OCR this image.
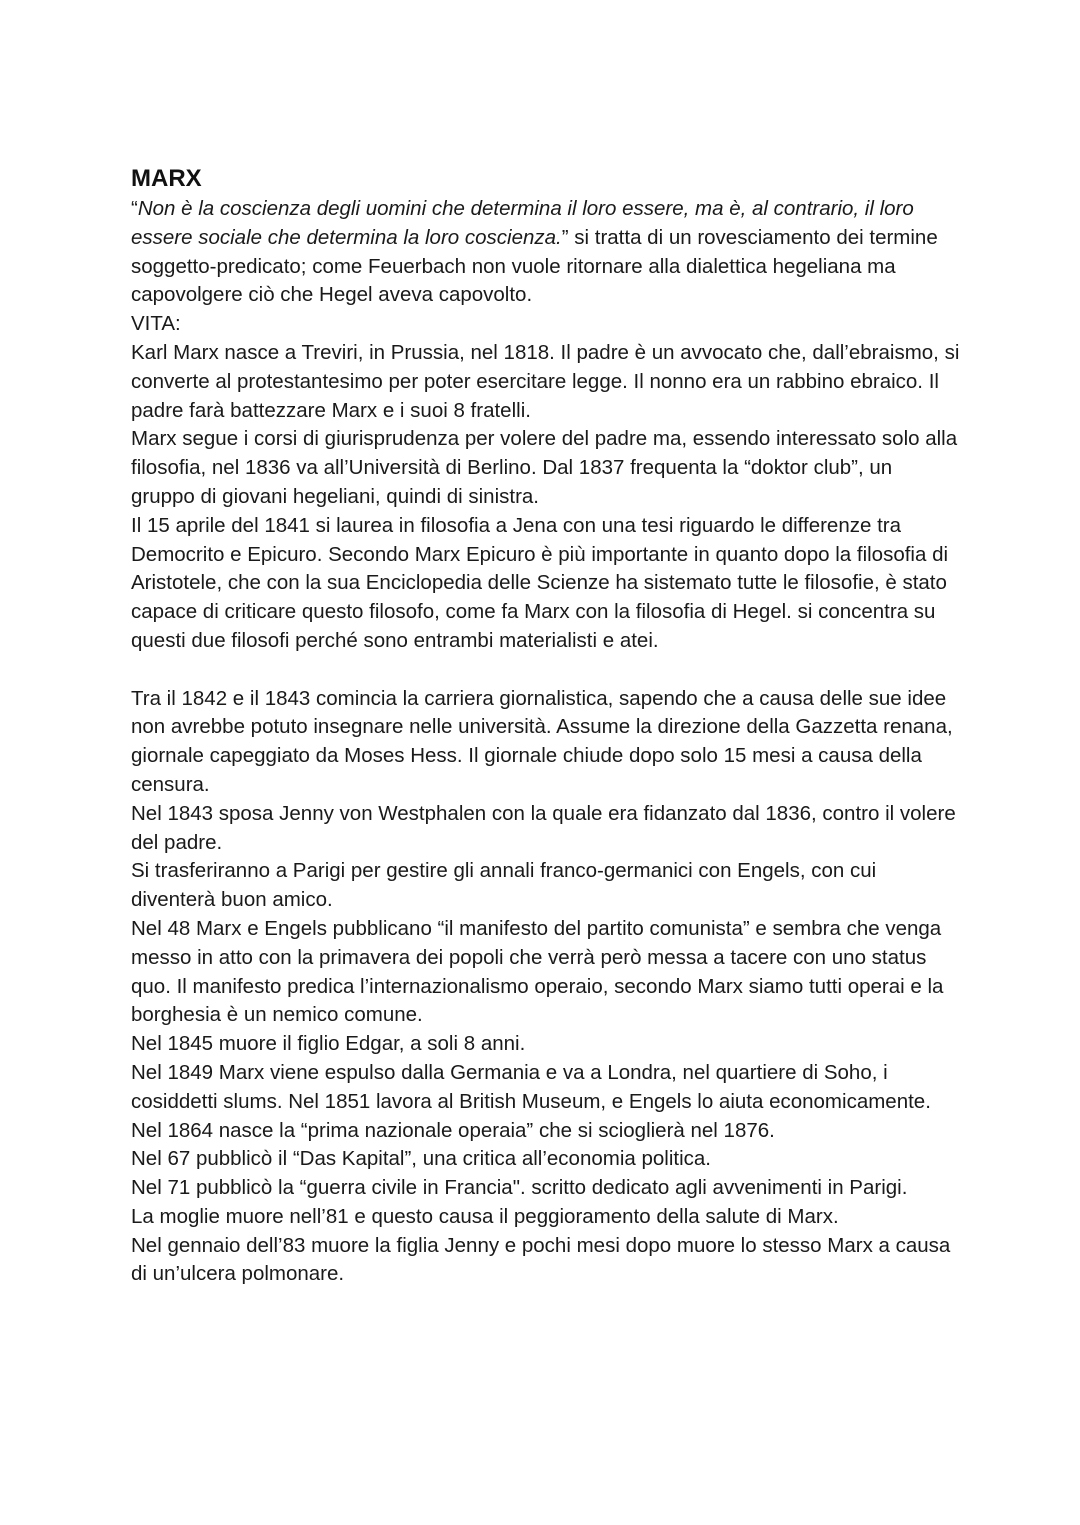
MARX

“Non è la coscienza degli uomini che determina il loro essere, ma è, al contrario, il loro essere sociale che determina la loro coscienza.” si tratta di un rovesciamento dei termine soggetto-predicato; come Feuerbach non vuole ritornare alla dialettica hegeliana ma capovolgere ciò che Hegel aveva capovolto.

VITA:

Karl Marx nasce a Treviri, in Prussia, nel 1818. Il padre è un avvocato che, dall’ebraismo, si converte al protestantesimo per poter esercitare legge. Il nonno era un rabbino ebraico. Il padre farà battezzare Marx e i suoi 8 fratelli.

Marx segue i corsi di giurisprudenza per volere del padre ma, essendo interessato solo alla filosofia, nel 1836 va all’Università di Berlino. Dal 1837 frequenta la “doktor club”, un gruppo di giovani hegeliani, quindi di sinistra.

Il 15 aprile del 1841 si laurea in filosofia a Jena con una tesi riguardo le differenze tra Democrito e Epicuro. Secondo Marx Epicuro è più importante in quanto dopo la filosofia di Aristotele, che con la sua Enciclopedia delle Scienze ha sistemato tutte le filosofie, è stato capace di criticare questo filosofo, come fa Marx con la filosofia di Hegel. si concentra su questi due filosofi perché sono entrambi materialisti e atei.

Tra il 1842 e il 1843 comincia la carriera giornalistica, sapendo che a causa delle sue idee non avrebbe potuto insegnare nelle università. Assume la direzione della Gazzetta renana, giornale capeggiato da Moses Hess. Il giornale chiude dopo solo 15 mesi a causa della censura.

Nel 1843 sposa Jenny von Westphalen con la quale era fidanzato dal 1836, contro il volere del padre.

Si trasferiranno a Parigi per gestire gli annali franco-germanici con Engels, con cui diventerà buon amico.

Nel 48 Marx e Engels pubblicano “il manifesto del partito comunista” e sembra che venga messo in atto con la primavera dei popoli che verrà però messa a tacere con uno status quo. Il manifesto predica l’internazionalismo operaio, secondo Marx siamo tutti operai e la borghesia è un nemico comune.

Nel 1845 muore il figlio Edgar, a soli 8 anni.

Nel 1849 Marx viene espulso dalla Germania e va a Londra, nel quartiere di Soho, i cosiddetti slums. Nel 1851 lavora al British Museum, e Engels lo aiuta economicamente. Nel 1864 nasce la “prima nazionale operaia” che si scioglierà nel 1876.

Nel 67 pubblicò il “Das Kapital”, una critica all’economia politica.

Nel 71 pubblicò la “guerra civile in Francia". scritto dedicato agli avvenimenti in Parigi.

La moglie muore nell’81 e questo causa il peggioramento della salute di Marx.

Nel gennaio dell’83 muore la figlia Jenny e pochi mesi dopo muore lo stesso Marx a causa di un’ulcera polmonare.
